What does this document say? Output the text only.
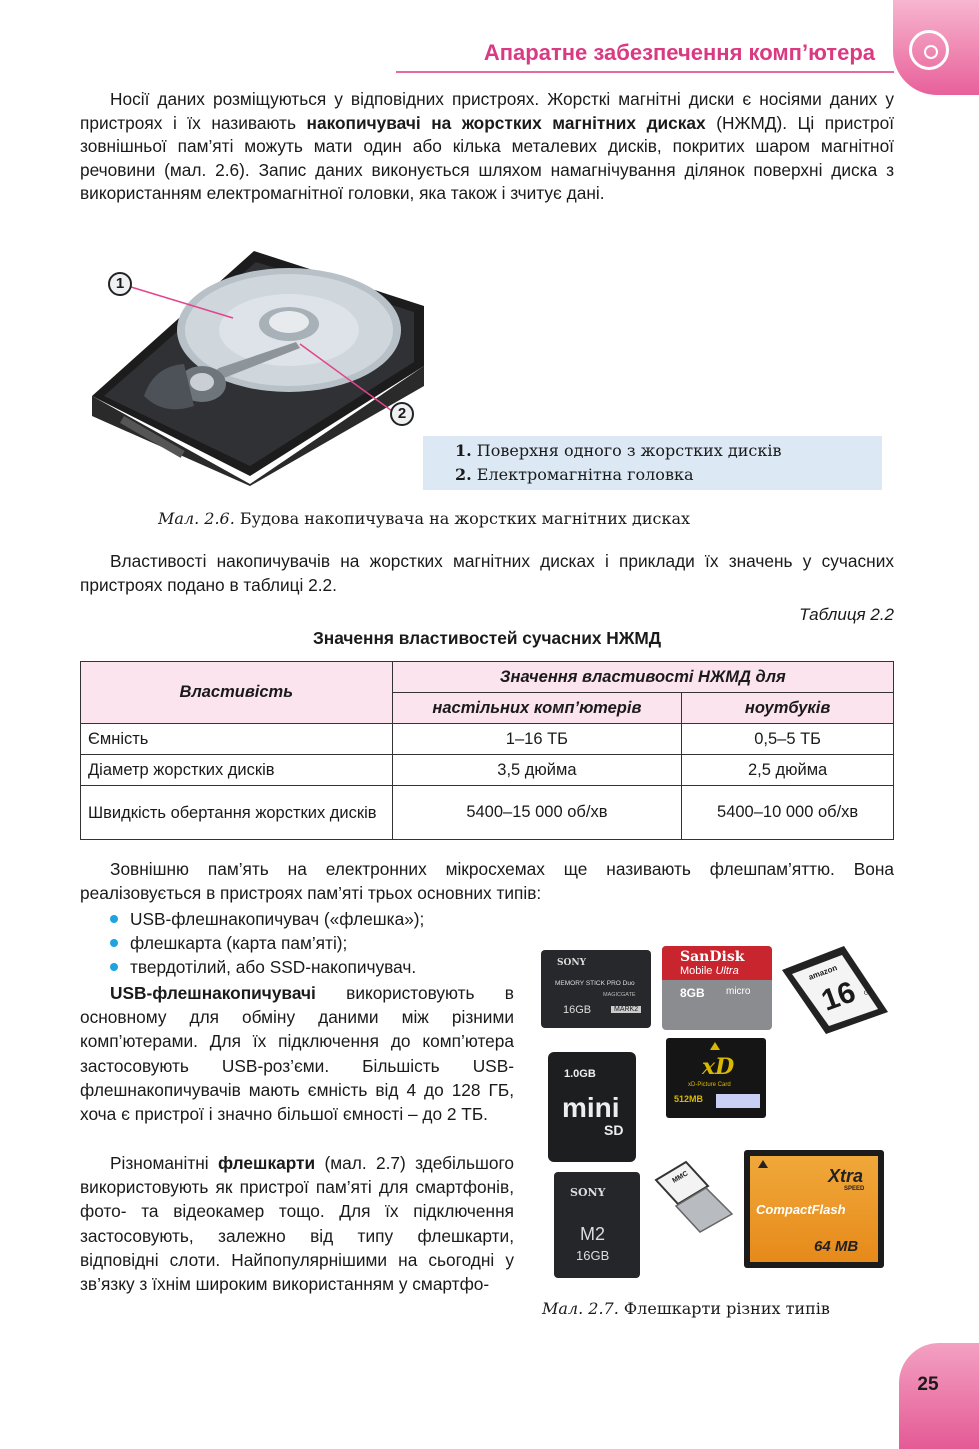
Апаратне забезпечення комп’ютера
Носії даних розміщуються у відповідних пристроях. Жорсткі магнітні диски є носіями даних у пристроях і їх називають накопичувачі на жорстких магнітних дисках (НЖМД). Ці пристрої зовнішньої пам’яті можуть мати один або кілька металевих дисків, покритих шаром магнітної речовини (мал. 2.6). Запис даних виконується шляхом намагнічування ділянок поверхні диска з використанням електромагнітної головки, яка також і зчитує дані.
1
2
1. Поверхня одного з жорстких дисків
2. Електромагнітна головка
Мал. 2.6. Будова накопичувача на жорстких магнітних дисках
Властивості накопичувачів на жорстких магнітних дисках і приклади їх значень у сучасних пристроях подано в таблиці 2.2.
Таблиця 2.2
Значення властивостей сучасних НЖМД
Властивість	Значення властивості НЖМД для	
	настільних комп’ютерів	ноутбуків
Ємність	1–16 ТБ	0,5–5 ТБ
Діаметр жорстких дисків	3,5 дюйма	2,5 дюйма
Швидкість обертання жорстких дисків	5400–15 000 об/хв	5400–10 000 об/хв
Зовнішню пам’ять на електронних мікросхемах ще називають флешпам’яттю. Вона реалізовується в пристроях пам’яті трьох основних типів:
USB-флешнакопичувач («флешка»);
флешкарта (карта пам’яті);
твердотілий, або SSD-накопичувач.
USB-флешнакопичувачі використовують в основному для обміну даними між різними комп’ютерами. Для їх підключення до комп’ютера застосовують USB-роз’єми. Більшість USB-флешнакопичувачів мають ємність від 4 до 128 ГБ, хоча є пристрої і значно більшої ємності – до 2 ТБ.
Різноманітні флешкарти (мал. 2.7) здебільшого використовують як пристрої пам’яті для смартфонів, фото- та відеокамер тощо. Для їх підключення застосовують, залежно від типу флешкарти, відповідні слоти. Найпопулярнішими на сьогодні у зв’язку з їхнім широким використанням у смартфо-
SONY
MEMORY STICK PRO Duo
MAGICGATE
16GB	MARK2
SanDisk
Mobile Ultra
8GB micro
amazon
16 GB
1.0GB
mini
SD
xD
xD-Picture Card
512MB
SONY
M2
16GB
MMC	Xtra
SPEED
CompactFlash
64 MB
Мал. 2.7. Флешкарти різних типів
25
